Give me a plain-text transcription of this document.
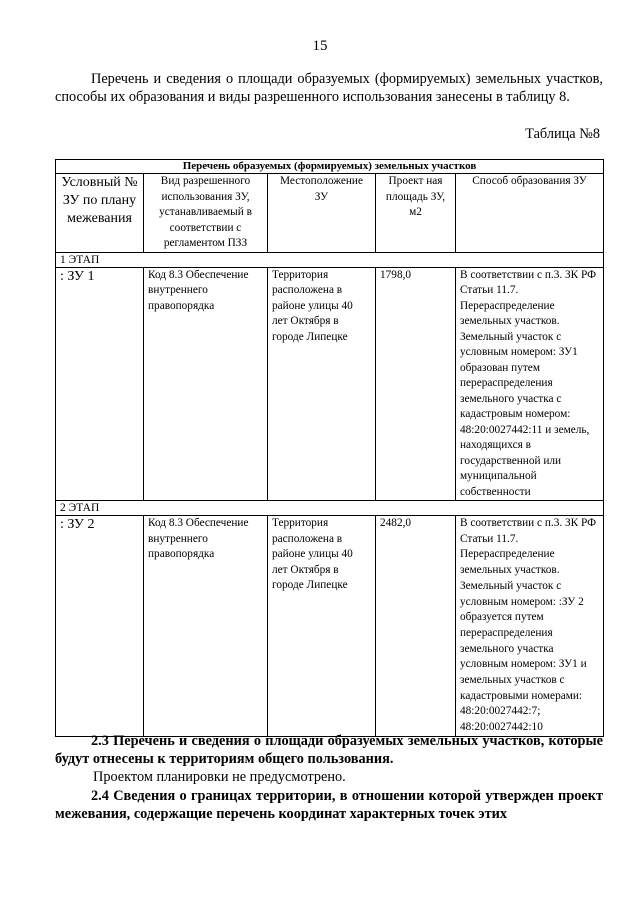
15

Перечень и сведения о площади образуемых (формируемых) земельных участков, способы их образования и виды разрешенного использования занесены в таблицу 8.

Таблица №8
Перечень образуемых (формируемых) земельных участков				
Условный № ЗУ по плану межевания	Вид разрешенного использования ЗУ, устанавливаемый в соответствии с регламентом ПЗЗ	Местоположение ЗУ	Проект ная площадь ЗУ, м2	Способ образования ЗУ
1 ЭТАП				
: ЗУ 1	Код 8.3 Обеспечение внутреннего правопорядка	Территория расположена в районе улицы 40 лет Октября в городе Липецке	1798,0	В соответствии с п.3. ЗК РФ Статьи 11.7. Перераспределение земельных участков. Земельный участок с условным номером: ЗУ1 образован путем перераспределения земельного участка с кадастровым номером: 48:20:0027442:11 и земель, находящихся в государственной или муниципальной собственности
2 ЭТАП				
: ЗУ 2	Код 8.3 Обеспечение внутреннего правопорядка	Территория расположена в районе улицы 40 лет Октября в городе Липецке	2482,0	В соответствии с п.3. ЗК РФ Статьи 11.7. Перераспределение земельных участков. Земельный участок с условным номером: :ЗУ 2 образуется путем перераспределения земельного участка условным номером: ЗУ1 и земельных участков с кадастровыми номерами: 48:20:0027442:7; 48:20:0027442:10

2.3 Перечень и сведения о площади образуемых земельных участков, которые будут отнесены к территориям общего пользования.

Проектом планировки не предусмотрено.

2.4 Сведения о границах территории, в отношении которой утвержден проект межевания, содержащие перечень координат характерных точек этих
